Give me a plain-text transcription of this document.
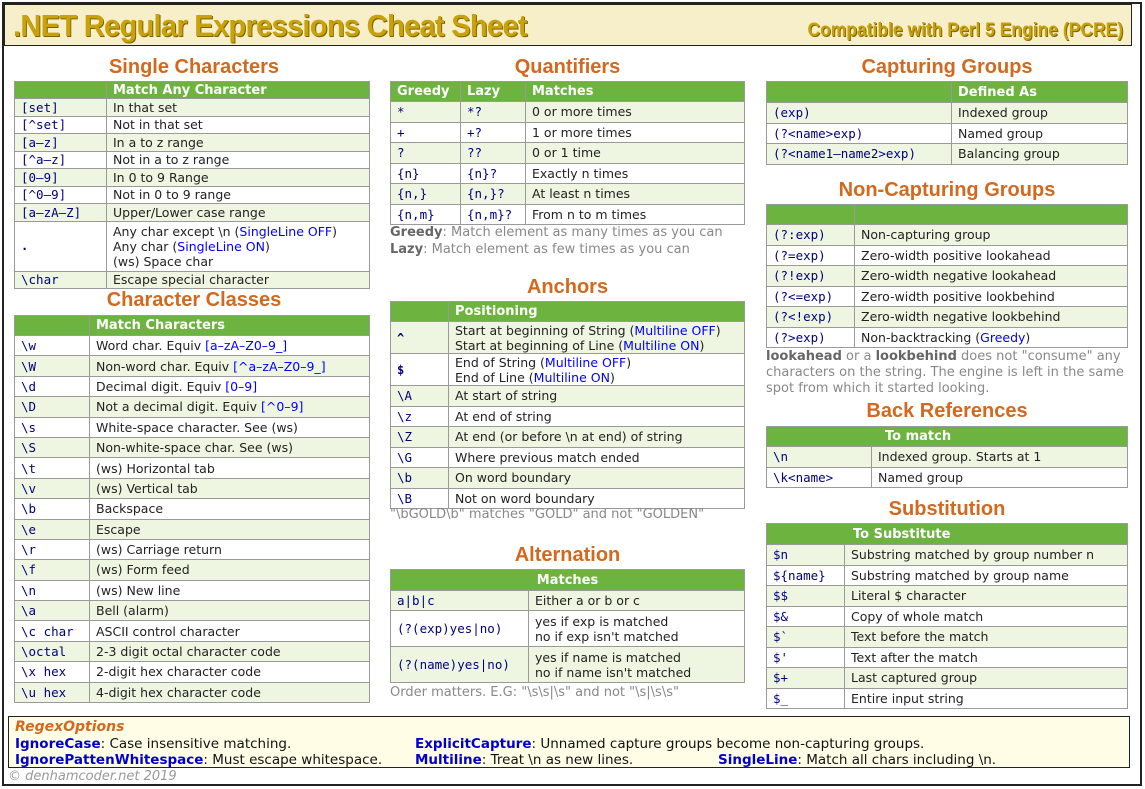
.NET Regular Expressions Cheat Sheet	Compatible with Perl 5 Engine (PCRE)
Single Characters
	Match Any Character
[set]	In that set
[^set]	Not in that set
[a–z]	In a to z range
[^a–z]	Not in a to z range
[0–9]	In 0 to 9 Range
[^0–9]	Not in 0 to 9 range
[a–zA–Z]	Upper/Lower case range
.	Any char except \n (SingleLine OFF)
Any char (SingleLine ON)
(ws) Space char

\char	Escape special character
Character Classes
	Match Characters
\w	Word char. Equiv [a–zA–Z0–9_]
\W	Non-word char. Equiv [^a–zA–Z0–9_]
\d	Decimal digit. Equiv [0–9]
\D	Not a decimal digit. Equiv [^0–9]
\s	White-space character. See (ws)
\S	Non-white-space char. See (ws)
\t	(ws) Horizontal tab
\v	(ws) Vertical tab
\b	Backspace
\e	Escape
\r	(ws) Carriage return
\f	(ws) Form feed
\n	(ws) New line
\a	Bell (alarm)
\c char	ASCII control character
\octal	2-3 digit octal character code
\x hex	2-digit hex character code
\u hex	4-digit hex character code
Quantifiers
Greedy	Lazy	Matches
*	*?	0 or more times
+	+?	1 or more times
?	??	0 or 1 time
{n}	{n}?	Exactly n times
{n,}	{n,}?	At least n times
{n,m}	{n,m}?	From n to m times
Greedy: Match element as many times as you can
Lazy: Match element as few times as you can
Anchors
	Positioning
^	Start at beginning of String (Multiline OFF)
Start at beginning of Line (Multiline ON)

$	End of String (Multiline OFF)
End of Line (Multiline ON)

\A	At start of string
\z	At end of string
\Z	At end (or before \n at end) of string
\G	Where previous match ended
\b	On word boundary
\B	Not on word boundary
"\bGOLD\b" matches "GOLD" and not "GOLDEN"
Alternation
Matches	
a|b|c	Either a or b or c
(?(exp)yes|no)	yes if exp is matched
no if exp isn't matched

(?(name)yes|no)	yes if name is matched
no if name isn't matched
Order matters. E.G: "\s\s|\s" and not "\s|\s\s"
Capturing Groups
	Defined As
(exp)	Indexed group
(?<name>exp)	Named group
(?<name1–name2>exp)	Balancing group
Non-Capturing Groups

(?:exp)	Non-capturing group
(?=exp)	Zero-width positive lookahead
(?!exp)	Zero-width negative lookahead
(?<=exp)	Zero-width positive lookbehind
(?<!exp)	Zero-width negative lookbehind
(?>exp)	Non-backtracking (Greedy)
lookahead or a lookbehind does not "consume" any characters on the string. The engine is left in the same spot from which it started looking.
Back References
To match	
\n	Indexed group. Starts at 1
\k<name>	Named group
Substitution
To Substitute	
$n	Substring matched by group number n
${name}	Substring matched by group name
$$	Literal $ character
$&	Copy of whole match
$`	Text before the match
$'	Text after the match
$+	Last captured group
$_	Entire input string
RegexOptions
IgnoreCase: Case insensitive matching.
IgnorePattenWhitespace: Must escape whitespace.
ExplicitCapture: Unnamed capture groups become non-capturing groups.
Multiline: Treat \n as new lines.	SingleLine: Match all chars including \n.
© denhamcoder.net 2019
